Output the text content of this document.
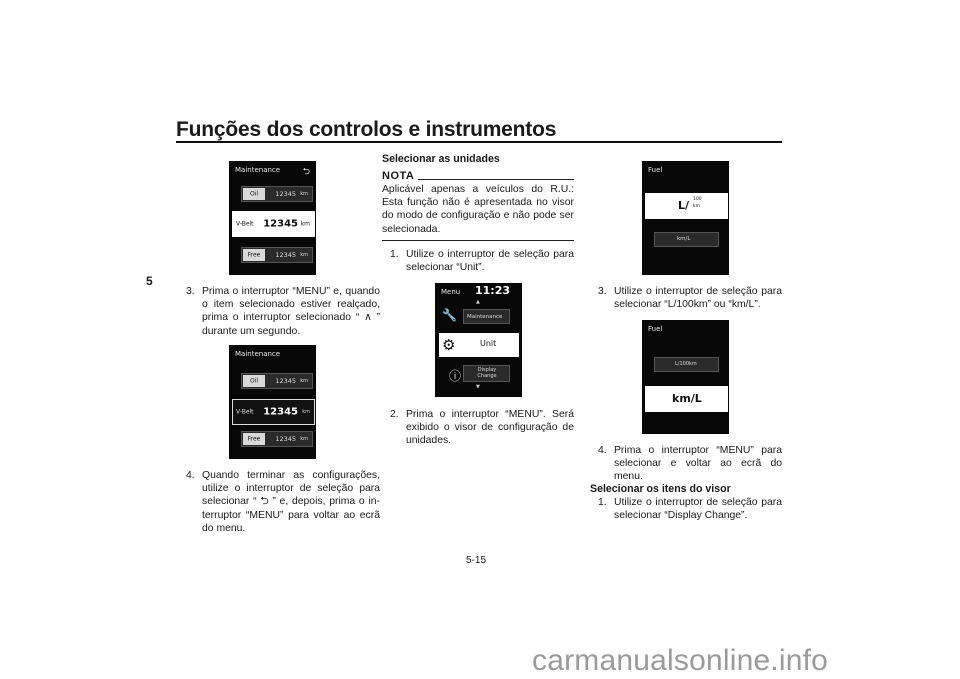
Funções dos controlos e instrumentos
5
Maintenance	⮌
Oil	12345 km
V-Belt 12345 km
Free	12345 km
3. Prima o interruptor “MENU” e, quando o item selecionado estiver realçado, prima o interruptor selecionado “ ∧ ” durante um segundo.
Maintenance
Oil	12345 km
V-Belt 12345 km
Free	12345 km
4. Quando terminar as configurações, utilize o interruptor de seleção para selecionar “ ⮌ ” e, depois, prima o interruptor “MENU” para voltar ao ecrã do menu.
Selecionar as unidades
NOTA
Aplicável apenas a veículos do R.U.: Esta função não é apresentada no visor do modo de configuração e não pode ser selecionada.
1. Utilize o interruptor de seleção para selecionar “Unit”.
Menu 11:23
▲
🔧 Maintenance
⚙	Unit
ⓘ	Display Change
▼
2. Prima o interruptor “MENU”. Será exibido o visor de configuração de unidades.
Fuel
L/ 100
km
km/L
3. Utilize o interruptor de seleção para selecionar “L/100km” ou “km/L”.
Fuel
L/100km
km/L
4. Prima o interruptor “MENU” para selecionar e voltar ao ecrã do menu.
Selecionar os itens do visor
1. Utilize o interruptor de seleção para selecionar “Display Change”.
5-15
carmanualsonline.info
